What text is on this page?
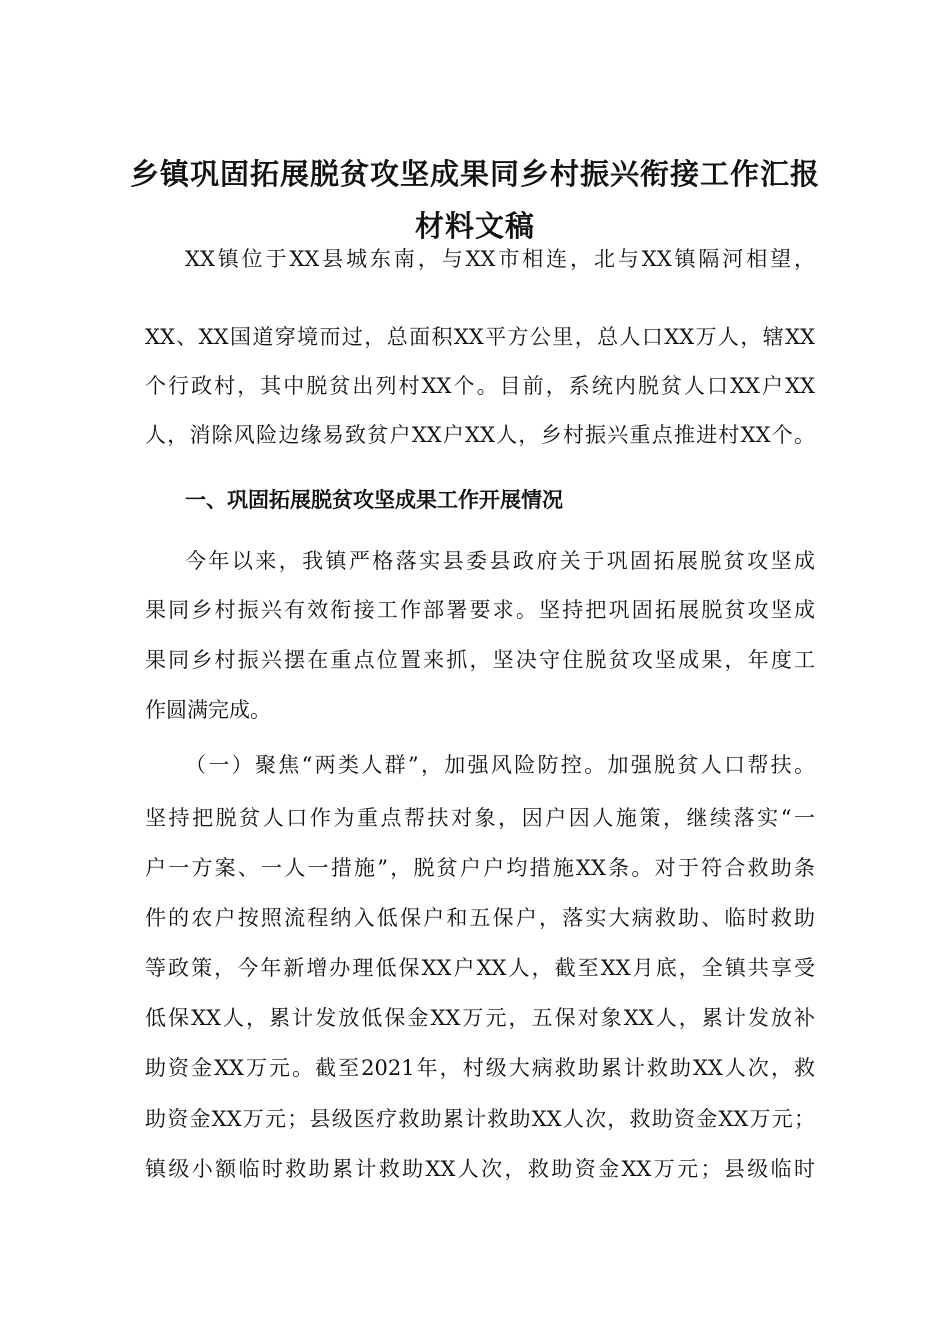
乡镇巩固拓展脱贫攻坚成果同乡村振兴衔接工作汇报
材料文稿
XX镇位于XX县城东南，与XX市相连，北与XX镇隔河相望，
XX、XX国道穿境而过，总面积XX平方公里，总人口XX万人，辖XX
个行政村，其中脱贫出列村XX个。目前，系统内脱贫人口XX户XX
人，消除风险边缘易致贫户XX户XX人，乡村振兴重点推进村XX个。
一、巩固拓展脱贫攻坚成果工作开展情况
今年以来，我镇严格落实县委县政府关于巩固拓展脱贫攻坚成
果同乡村振兴有效衔接工作部署要求。坚持把巩固拓展脱贫攻坚成
果同乡村振兴摆在重点位置来抓，坚决守住脱贫攻坚成果，年度工
作圆满完成。
（一）聚焦“两类人群”，加强风险防控。加强脱贫人口帮扶。
坚持把脱贫人口作为重点帮扶对象，因户因人施策，继续落实“一
户一方案、一人一措施”，脱贫户户均措施XX条。对于符合救助条
件的农户按照流程纳入低保户和五保户，落实大病救助、临时救助
等政策，今年新增办理低保XX户XX人，截至XX月底，全镇共享受
低保XX人，累计发放低保金XX万元，五保对象XX人，累计发放补
助资金XX万元。截至2021年，村级大病救助累计救助XX人次，救
助资金XX万元；县级医疗救助累计救助XX人次，救助资金XX万元；
镇级小额临时救助累计救助XX人次，救助资金XX万元；县级临时
